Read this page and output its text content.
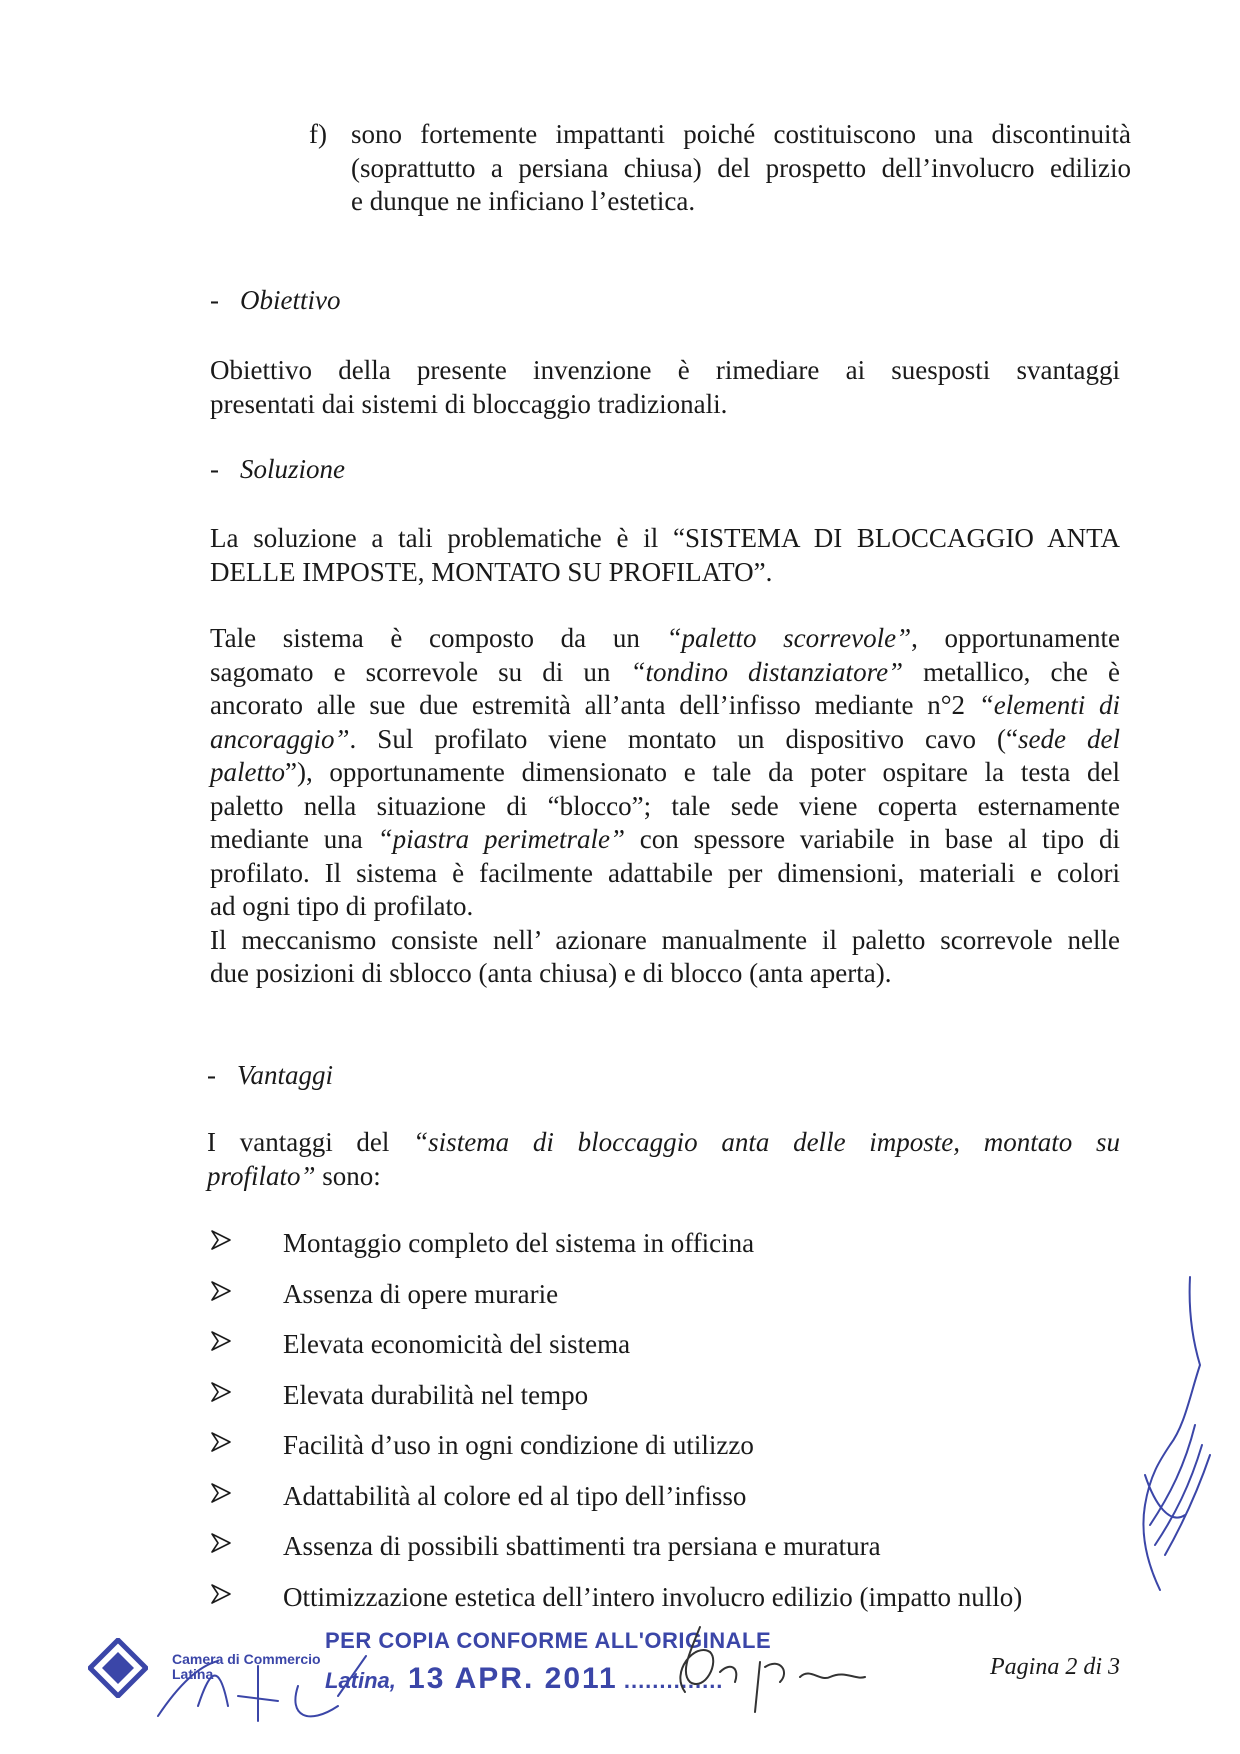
f) sono fortemente impattanti poiché costituiscono una discontinuità
(soprattutto a persiana chiusa) del prospetto dell’involucro edilizio
e dunque ne inficiano l’estetica.
- Obiettivo
Obiettivo della presente invenzione è rimediare ai suesposti svantaggi
presentati dai sistemi di bloccaggio tradizionali.
- Soluzione
La soluzione a tali problematiche è il “SISTEMA DI BLOCCAGGIO ANTA
DELLE IMPOSTE, MONTATO SU PROFILATO”.
Tale sistema è composto da un “paletto scorrevole”, opportunamente
sagomato e scorrevole su di un “tondino distanziatore” metallico, che è
ancorato alle sue due estremità all’anta dell’infisso mediante n°2 “elementi di
ancoraggio”. Sul profilato viene montato un dispositivo cavo (“sede del
paletto”), opportunamente dimensionato e tale da poter ospitare la testa del
paletto nella situazione di “blocco”; tale sede viene coperta esternamente
mediante una “piastra perimetrale” con spessore variabile in base al tipo di
profilato. Il sistema è facilmente adattabile per dimensioni, materiali e colori
ad ogni tipo di profilato.
Il meccanismo consiste nell’ azionare manualmente il paletto scorrevole nelle
due posizioni di sblocco (anta chiusa) e di blocco (anta aperta).
- Vantaggi
I vantaggi del “sistema di bloccaggio anta delle imposte, montato su
profilato” sono:
Montaggio completo del sistema in officina
Assenza di opere murarie
Elevata economicità del sistema
Elevata durabilità nel tempo
Facilità d’uso in ogni condizione di utilizzo
Adattabilità al colore ed al tipo dell’infisso
Assenza di possibili sbattimenti tra persiana e muratura
Ottimizzazione estetica dell’intero involucro edilizio (impatto nullo)
Camera di Commercio
Latina
PER COPIA CONFORME ALL'ORIGINALE
Latina, 13 APR. 2011 ..............
Pagina 2 di 3
